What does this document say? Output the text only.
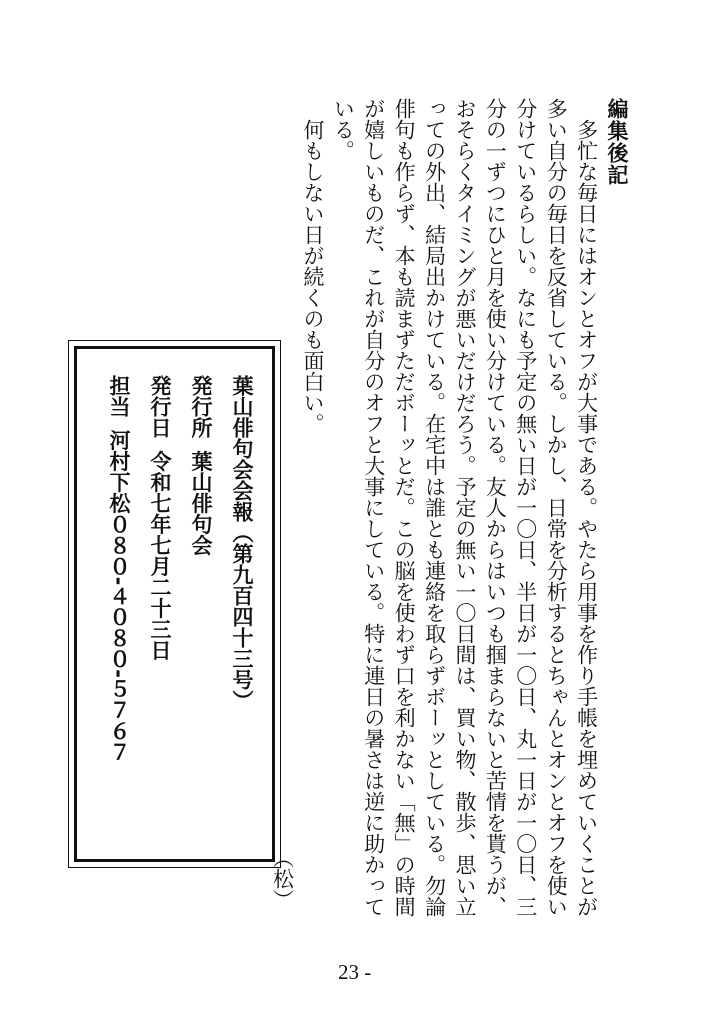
編集後記

多忙な毎日にはオンとオフが大事である。やたら用事を作り手帳を埋めていくことが多い自分の毎日を反省している。しかし、日常を分析するとちゃんとオンとオフを使い分けているらしい。なにも予定の無い日が一〇日、半日が一〇日、丸一日が一〇日、三分の一ずつにひと月を使い分けている。友人からはいつも掴まらないと苦情を貰うが、おそらくタイミングが悪いだけだろう。予定の無い一〇日間は、買い物、散歩、思い立っての外出、結局出かけている。在宅中は誰とも連絡を取らずボーッとしている。勿論俳句も作らず、本も読まずただボーッとだ。この脳を使わず口を利かない「無」の時間が嬉しいものだ、これが自分のオフと大事にしている。特に連日の暑さは逆に助かっている。

何もしない日が続くのも面白い。

（松）
葉山俳句会会報（第九百四十三号）
発行所葉山俳句会
発行日令和七年七月二十三日
担当河村下松０８０-４０８０-５７６７
23 -
